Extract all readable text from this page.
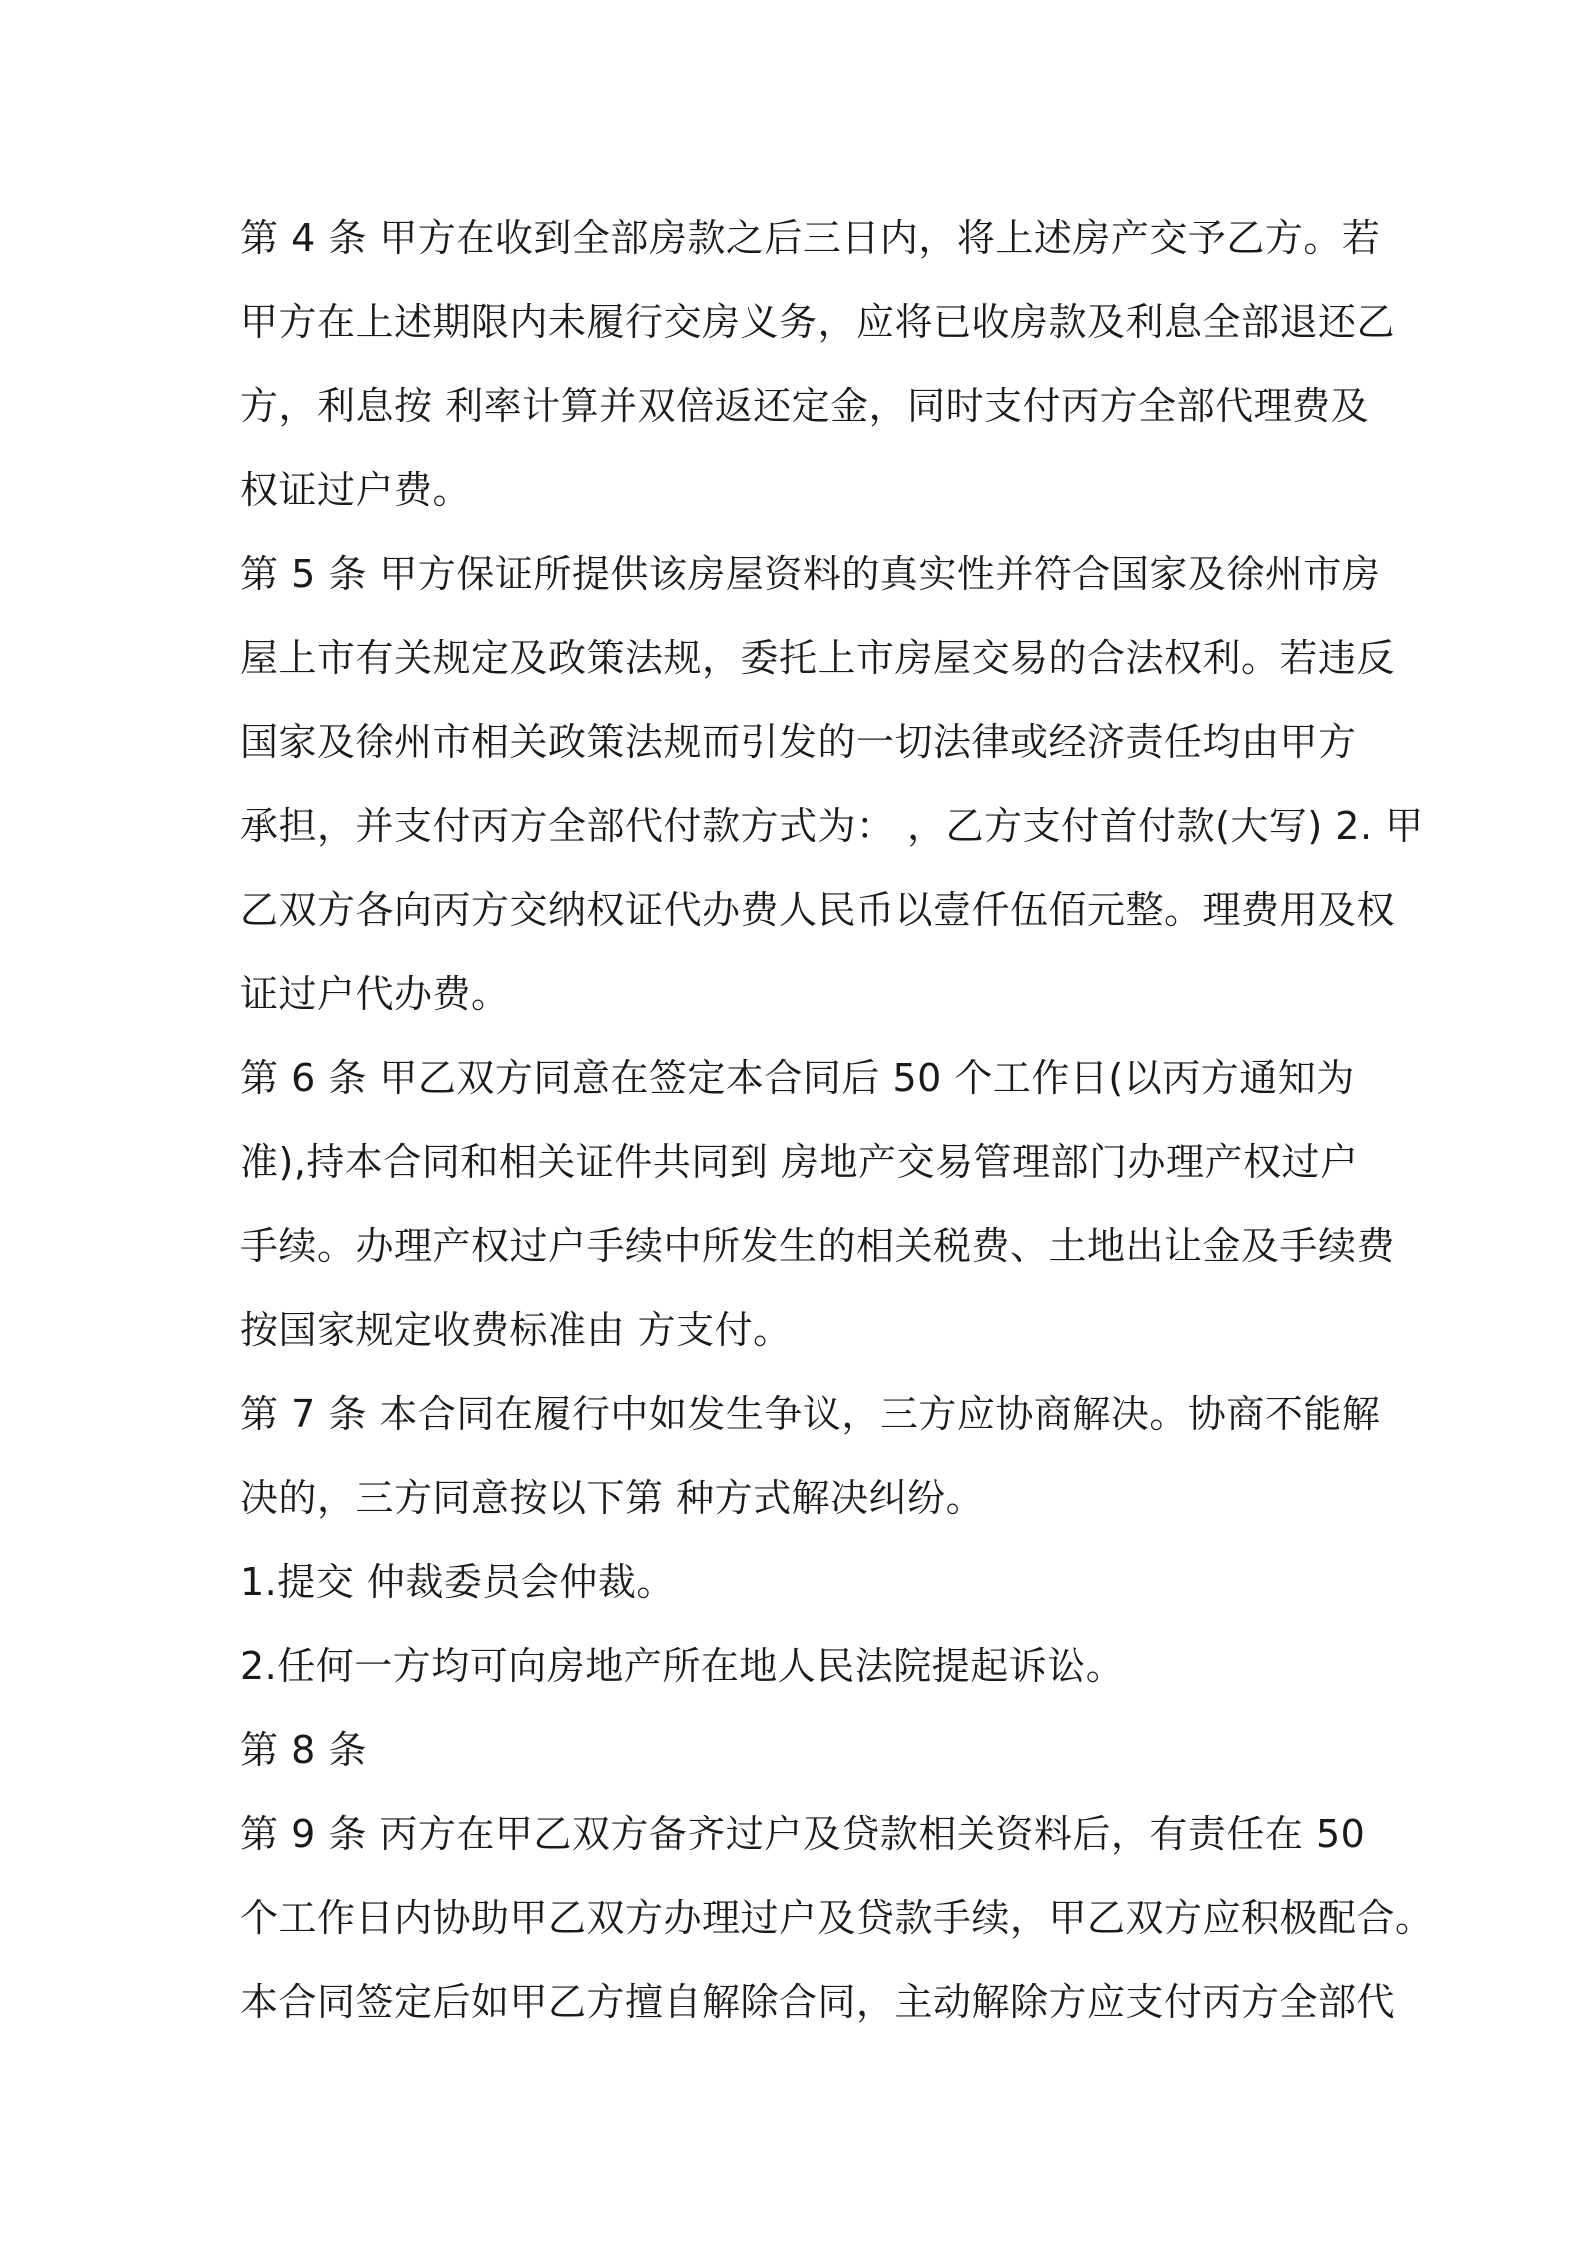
第 4 条 甲方在收到全部房款之后三日内，将上述房产交予乙方。若
甲方在上述期限内未履行交房义务，应将已收房款及利息全部退还乙
方，利息按 利率计算并双倍返还定金，同时支付丙方全部代理费及
权证过户费。
第 5 条 甲方保证所提供该房屋资料的真实性并符合国家及徐州市房
屋上市有关规定及政策法规，委托上市房屋交易的合法权利。若违反
国家及徐州市相关政策法规而引发的一切法律或经济责任均由甲方
承担，并支付丙方全部代付款方式为： ，乙方支付首付款(大写) 2. 甲
乙双方各向丙方交纳权证代办费人民币以壹仟伍佰元整。理费用及权
证过户代办费。
第 6 条 甲乙双方同意在签定本合同后 50 个工作日(以丙方通知为
准),持本合同和相关证件共同到 房地产交易管理部门办理产权过户
手续。办理产权过户手续中所发生的相关税费、土地出让金及手续费
按国家规定收费标准由 方支付。
第 7 条 本合同在履行中如发生争议，三方应协商解决。协商不能解
决的，三方同意按以下第 种方式解决纠纷。
1.提交 仲裁委员会仲裁。
2.任何一方均可向房地产所在地人民法院提起诉讼。
第 8 条
第 9 条 丙方在甲乙双方备齐过户及贷款相关资料后，有责任在 50
个工作日内协助甲乙双方办理过户及贷款手续，甲乙双方应积极配合。
本合同签定后如甲乙方擅自解除合同，主动解除方应支付丙方全部代
